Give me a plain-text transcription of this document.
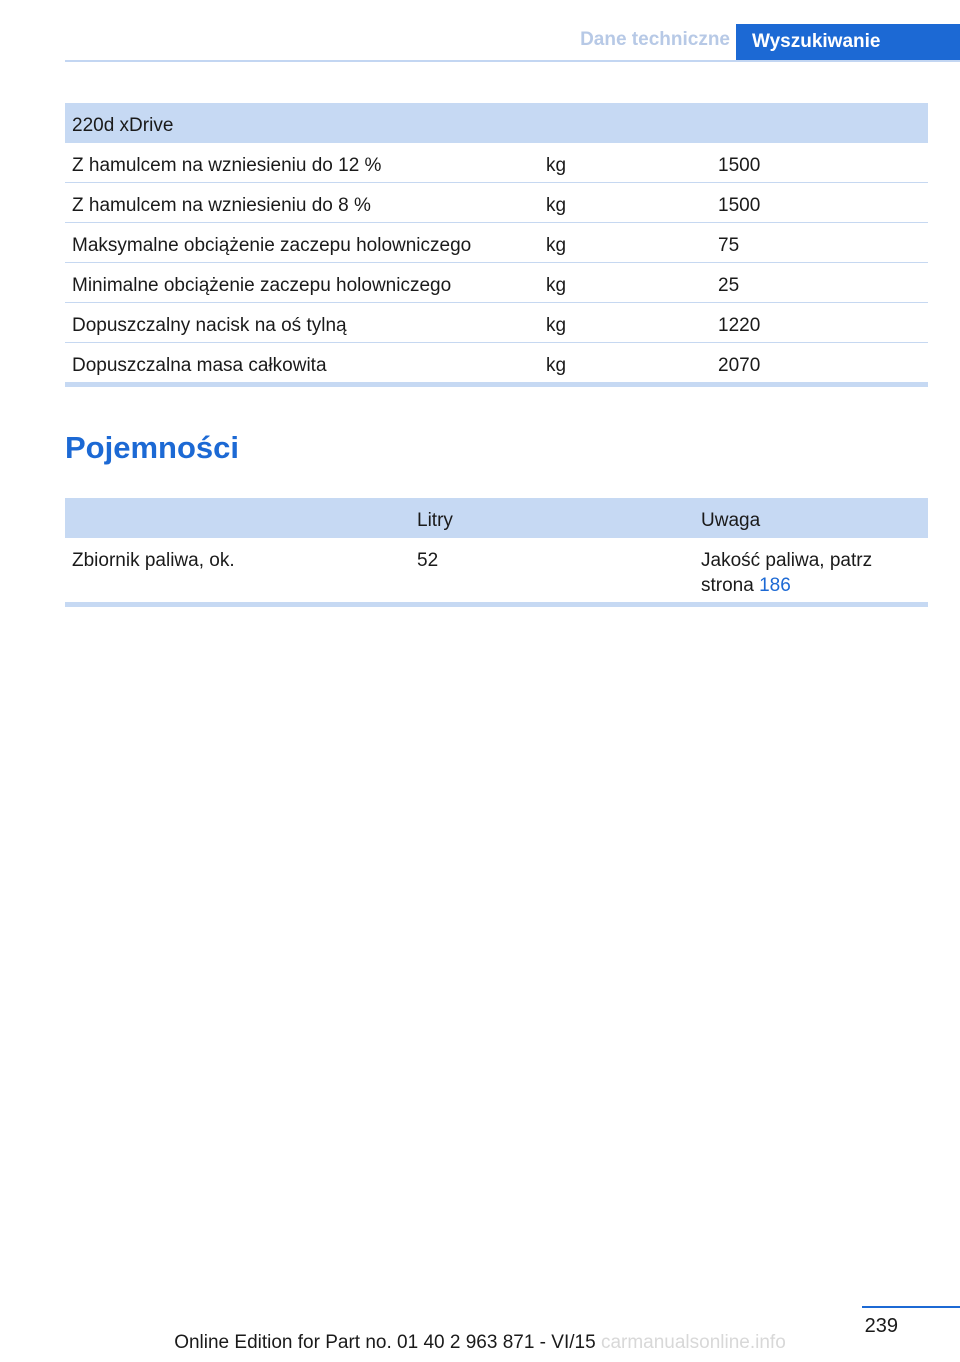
Dane techniczne	Wyszukiwanie
220d xDrive
Z hamulcem na wzniesieniu do 12 %	kg	1500
Z hamulcem na wzniesieniu do 8 %	kg	1500
Maksymalne obciążenie zaczepu holowniczego	kg	75
Minimalne obciążenie zaczepu holowniczego	kg	25
Dopuszczalny nacisk na oś tylną	kg	1220
Dopuszczalna masa całkowita	kg	2070
Pojemności
Litry	Uwaga
Zbiornik paliwa, ok.	52	Jakość paliwa, patrz
strona 186
239
Online Edition for Part no. 01 40 2 963 871 - VI/15 carmanualsonline.info
